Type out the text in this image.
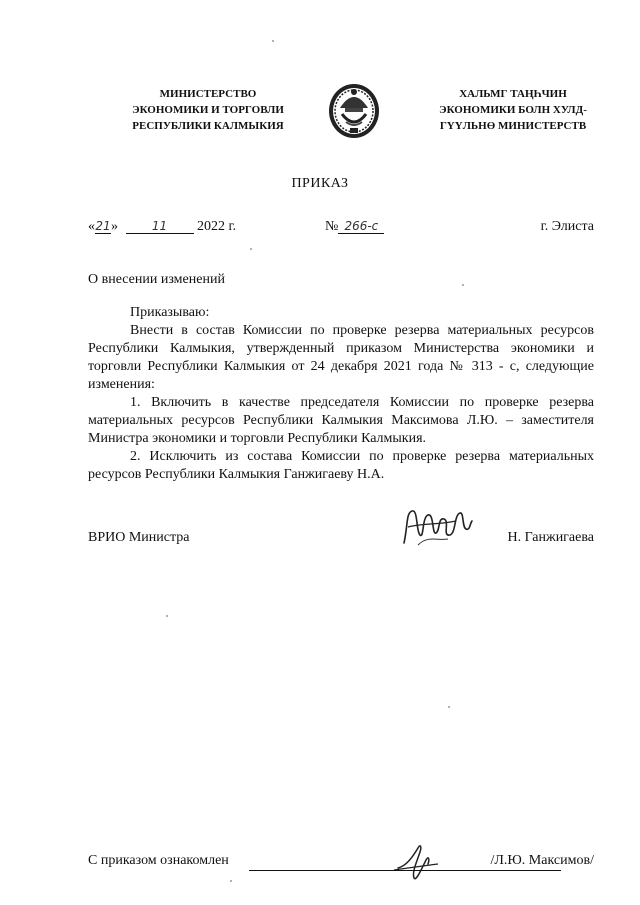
МИНИСТЕРСТВО
ЭКОНОМИКИ И ТОРГОВЛИ
РЕСПУБЛИКИ КАЛМЫКИЯ
ХАЛЬМГ ТАҢҺЧИН
ЭКОНОМИКИ БОЛН ХУЛД-
ГҮҮЛЬНӨ МИНИСТЕРСТВ
ПРИКАЗ
«21»	11 2022 г.	№ 266-с	г. Элиста
О внесении изменений

Приказываю:

Внести в состав Комиссии по проверке резерва материальных ресурсов Республики Калмыкия, утвержденный приказом Министерства экономики и торговли Республики Калмыкия от 24 декабря 2021 года № 313 - с, следующие изменения:

1. Включить в качестве председателя Комиссии по проверке резерва материальных ресурсов Республики Калмыкия Максимова Л.Ю. – заместителя Министра экономики и торговли Республики Калмыкия.

2. Исключить из состава Комиссии по проверке резерва материальных ресурсов Республики Калмыкия Ганжигаеву Н.А.

ВРИО Министра	Н. Ганжигаева
С приказом ознакомлен	/Л.Ю. Максимов/
